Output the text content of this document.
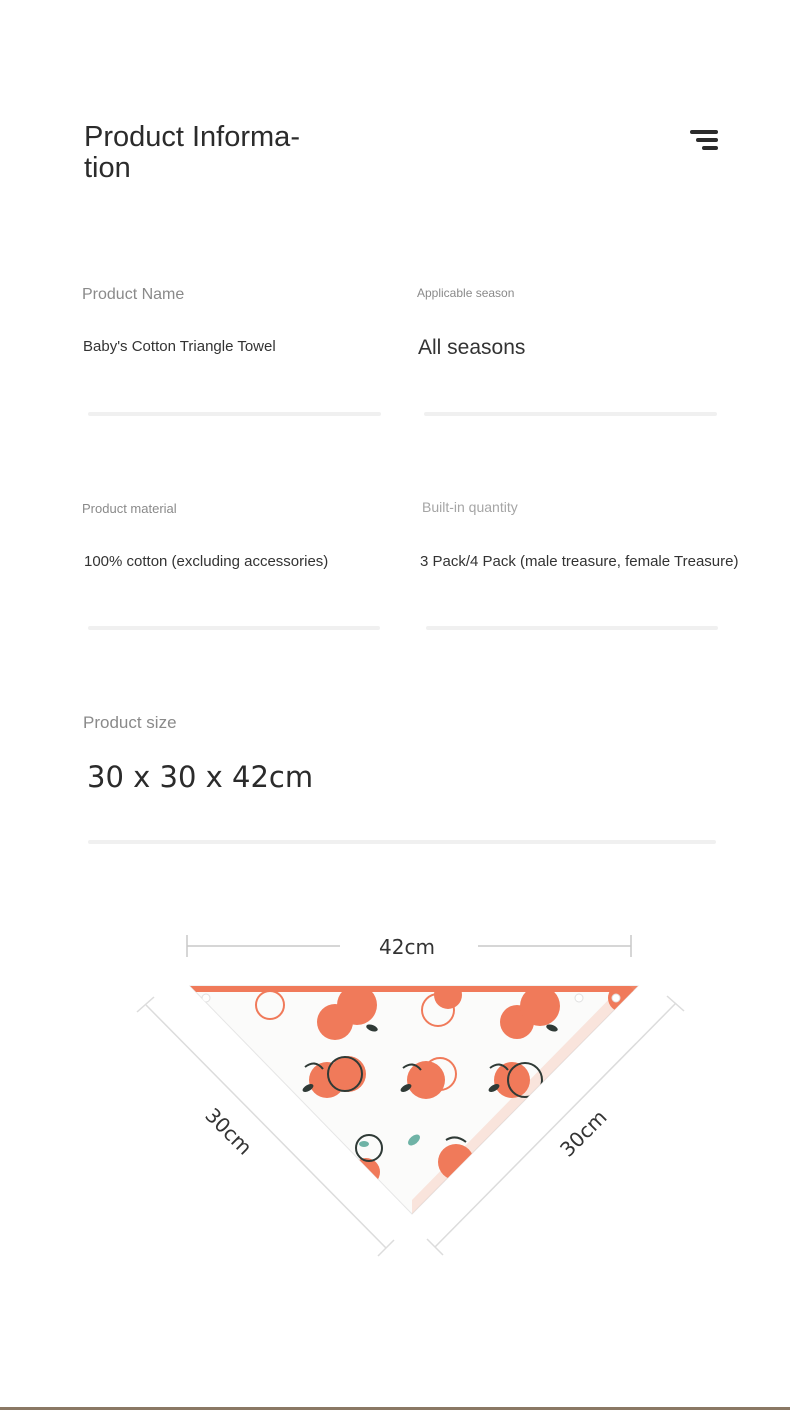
Product Informa-
tion
Product Name
Baby's Cotton Triangle Towel
Applicable season
All seasons
Product material
100% cotton (excluding accessories)
Built-in quantity
3 Pack/4 Pack (male treasure, female Treasure)
Product size
30 x 30 x 42cm
42cm
30cm	30cm
